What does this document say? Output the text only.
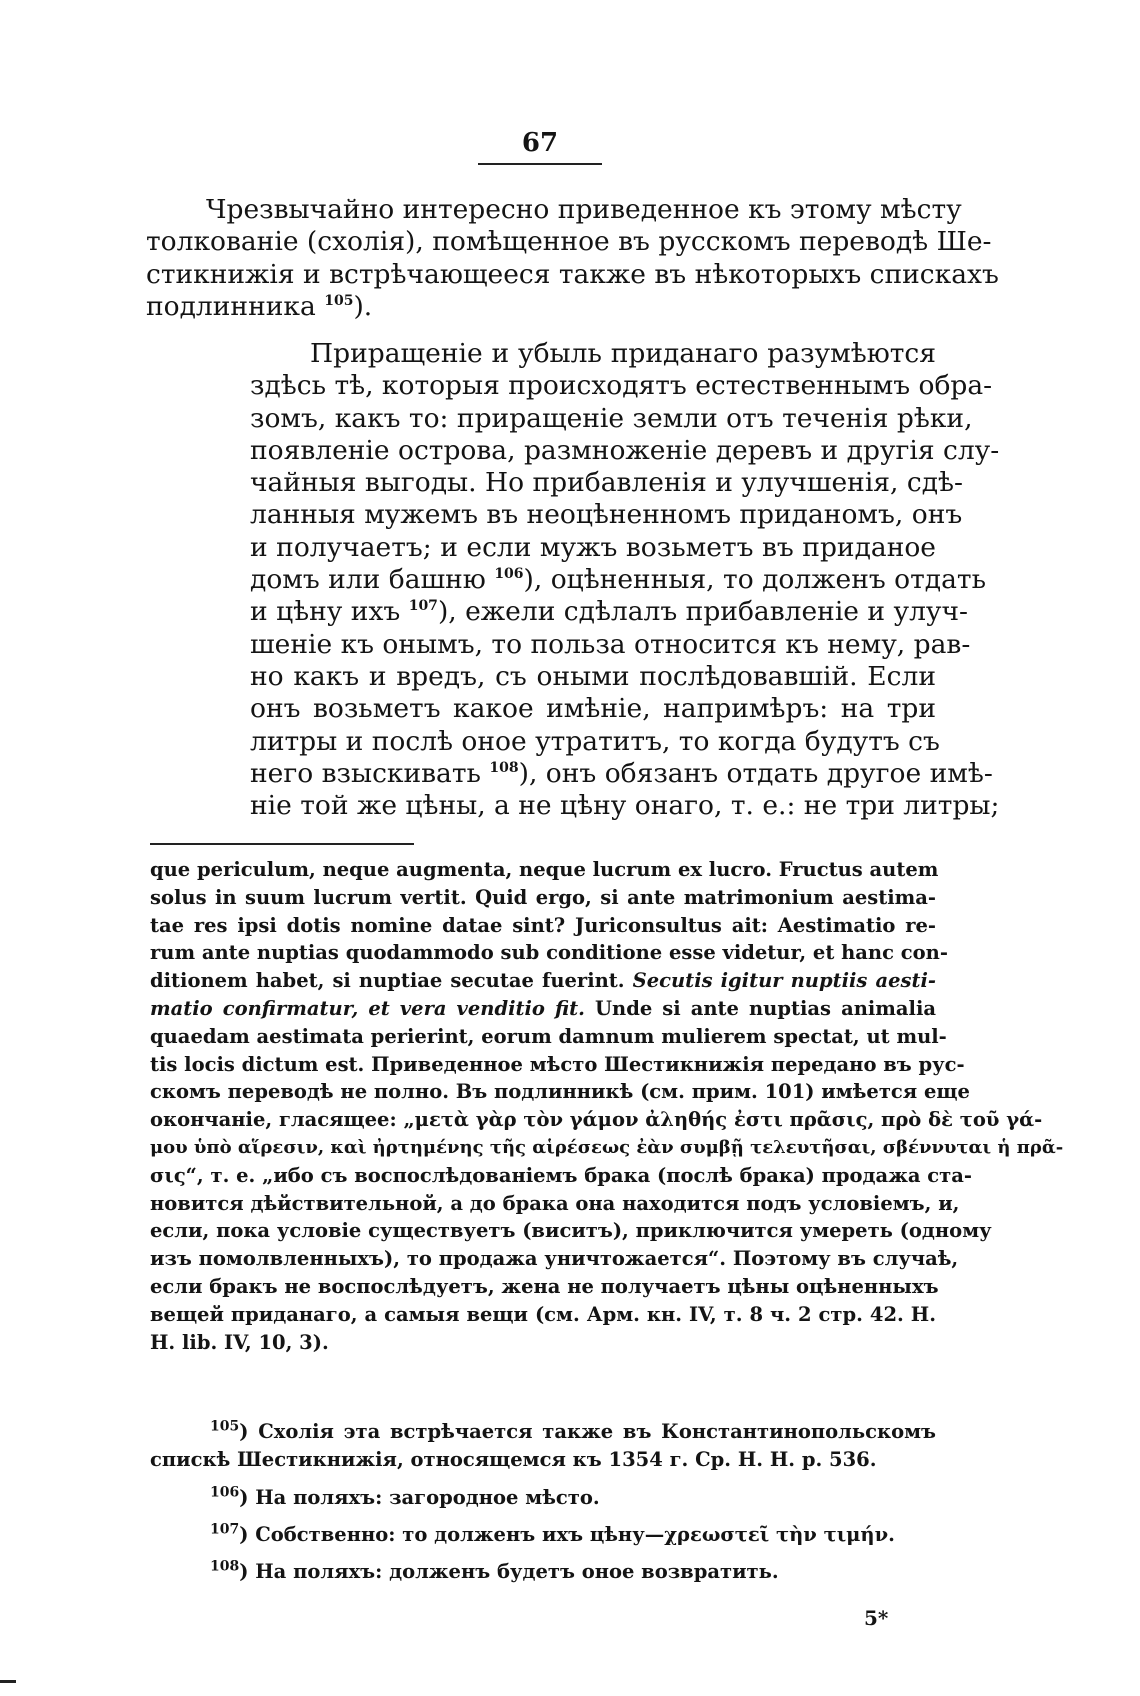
67
Чрезвычайно интересно приведенное къ этому мѣсту
толкованіе (схолія), помѣщенное въ русскомъ переводѣ Ше-
стикнижія и встрѣчающееся также въ нѣкоторыхъ спискахъ
подлинника $^{105}$).
Приращеніе и убыль приданаго разумѣются
здѣсь тѣ, которыя происходятъ естественнымъ обра-
зомъ, какъ то: приращеніе земли отъ теченія рѣки,
появленіе острова, размноженіе деревъ и другія слу-
чайныя выгоды. Но прибавленія и улучшенія, сдѣ-
ланныя мужемъ въ неоцѣненномъ приданомъ, онъ
и получаетъ; и если мужъ возьметъ въ приданое
домъ или башню $^{106}$), оцѣненныя, то долженъ отдать
и цѣну ихъ $^{107}$), ежели сдѣлалъ прибавленіе и улуч-
шеніе къ онымъ, то польза относится къ нему, рав-
но какъ и вредъ, съ оными послѣдовавшій. Если
онъ возьметъ какое имѣніе, напримѣръ: на три
литры и послѣ оное утратитъ, то когда будутъ съ
него взыскивать $^{108}$), онъ обязанъ отдать другое имѣ-
ніе той же цѣны, а не цѣну онаго, т. е.: не три литры;
que periculum, neque augmenta, neque lucrum ex lucro. Fructus autem
solus in suum lucrum vertit. Quid ergo, si ante matrimonium aestima-
tae res ipsi dotis nomine datae sint? Juriconsultus ait: Aestimatio re-
rum ante nuptias quodammodo sub conditione esse videtur, et hanc con-
ditionem habet, si nuptiae secutae fuerint. Secutis igitur nuptiis aesti-
matio confirmatur, et vera venditio fit. Unde si ante nuptias animalia
quaedam aestimata perierint, eorum damnum mulierem spectat, ut mul-
tis locis dictum est. Приведенное мѣсто Шестикнижія передано въ рус-
скомъ переводѣ не полно. Въ подлинникѣ (см. прим. 101) имѣется еще
окончаніе, гласящее: „μετὰ γὰρ τὸν γάμον ἀληθής ἐστι πρᾶσις, πρὸ δὲ τοῦ γά-
μου ὑπὸ αἵρεσιν, καὶ ἠρτημένης τῆς αἱρέσεως ἐὰν συμβῇ τελευτῆσαι, σβέννυται ἡ πρᾶ-
σις“, т. е. „ибо съ воспослѣдованіемъ брака (послѣ брака) продажа ста-
новится дѣйствительной, а до брака она находится подъ условіемъ, и,
если, пока условіе существуетъ (виситъ), приключится умереть (одному
изъ помолвленныхъ), то продажа уничтожается“. Поэтому въ случаѣ,
если бракъ не воспослѣдуетъ, жена не получаетъ цѣны оцѣненныхъ
вещей приданаго, а самыя вещи (см. Арм. кн. IV, т. 8 ч. 2 стр. 42. Н.
Н. lib. IV, 10, 3).
$^{105}$) Схолія эта встрѣчается также въ Константинопольскомъ
спискѣ Шестикнижія, относящемся къ 1354 г. Ср. Н. Н. p. 536.
$^{106}$) На поляхъ: загородное мѣсто.
$^{107}$) Собственно: то долженъ ихъ цѣну—χρεωστεῖ τὴν τιμήν.
$^{108}$) На поляхъ: долженъ будетъ оное возвратить.
5*
